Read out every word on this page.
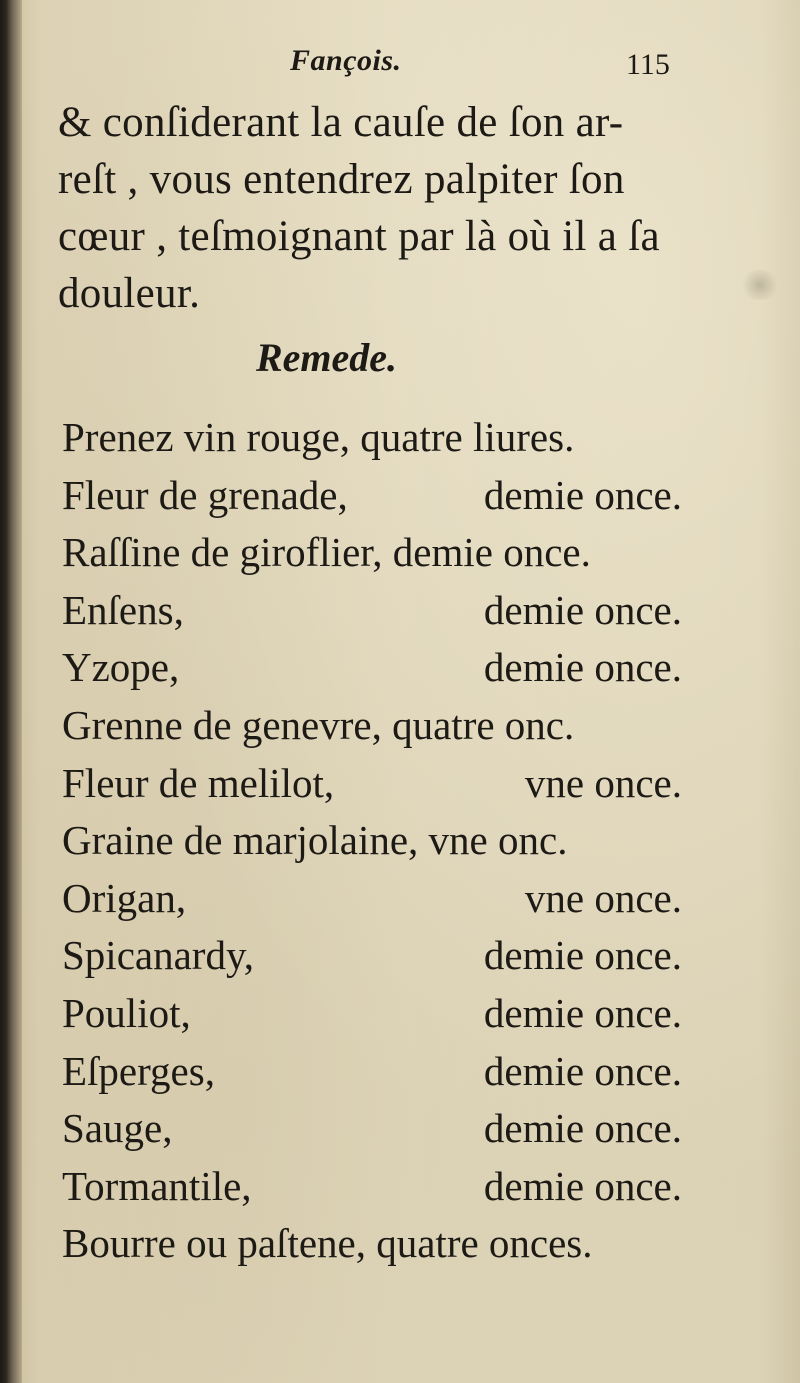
Fançois.	115
& conſiderant la cauſe de ſon ar-
reſt , vous entendrez palpiter ſon
cœur , teſmoignant par là où il a ſa
douleur.
Remede.
Prenez vin rouge, quatre liures.
Fleur de grenade,	demie once.
Raſſine de giroflier, demie once.
Enſens,	demie once.
Yzope,	demie once.
Grenne de genevre, quatre onc.
Fleur de melilot,	vne once.
Graine de marjolaine, vne onc.
Origan,	vne once.
Spicanardy,	demie once.
Pouliot,	demie once.
Eſperges,	demie once.
Sauge,	demie once.
Tormantile,	demie once.
Bourre ou paſtene, quatre onces.
